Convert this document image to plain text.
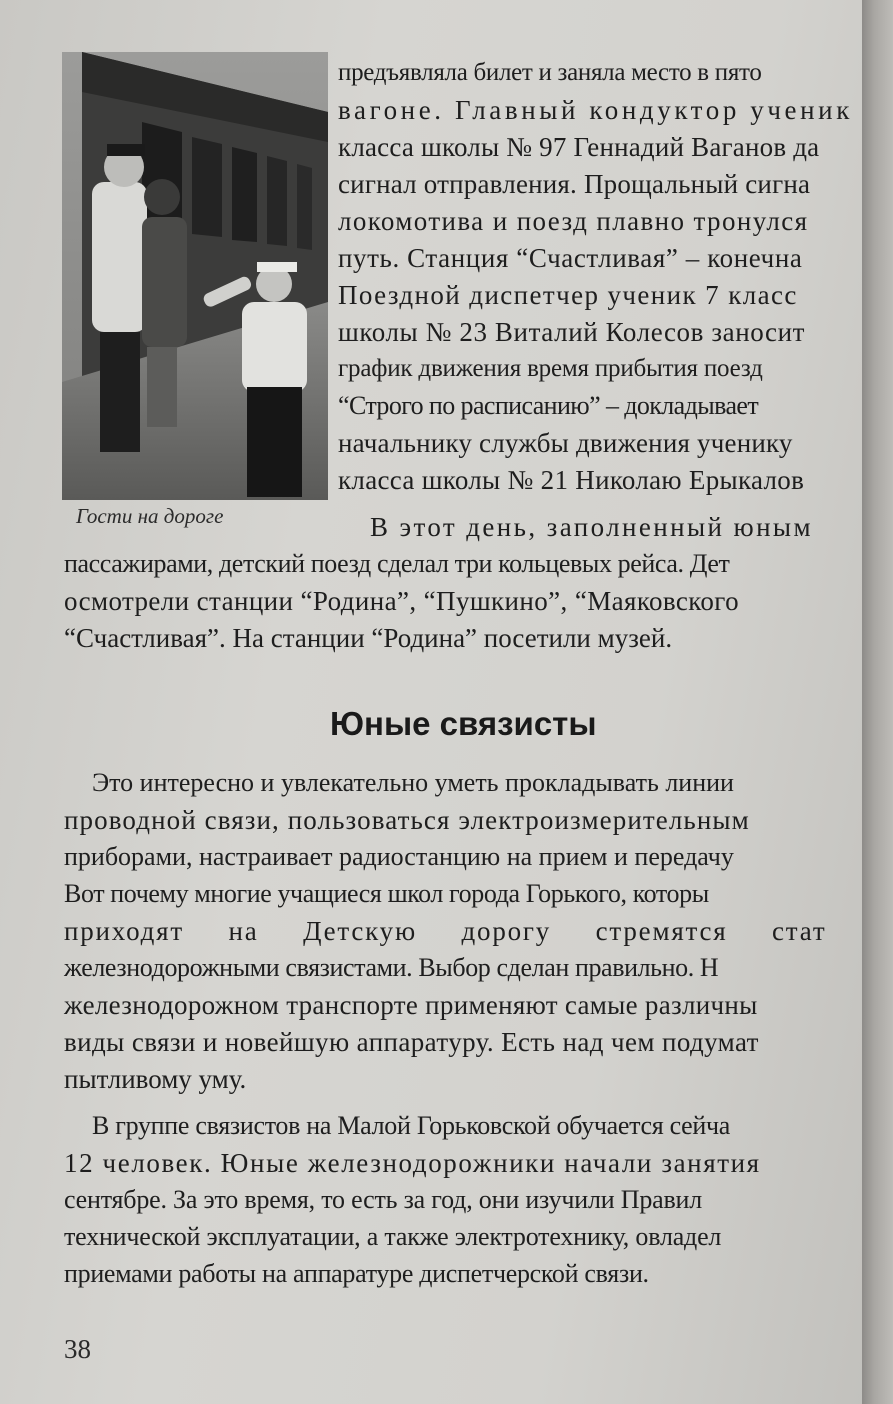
Гости на дороге
предъявляла билет и заняла место в пято
вагоне. Главный кондуктор ученик
класса школы № 97 Геннадий Ваганов да
сигнал отправления. Прощальный сигна
локомотива и поезд плавно тронулся
путь. Станция “Счастливая” – конечна
Поездной диспетчер ученик 7 класс
школы № 23 Виталий Колесов заносит
график движения время прибытия поезд
“Строго по расписанию” – докладывает
начальнику службы движения ученику
класса школы № 21 Николаю Ерыкалов
В этот день, заполненный юным
пассажирами, детский поезд сделал три кольцевых рейса. Дет
осмотрели станции “Родина”, “Пушкино”, “Маяковского
“Счастливая”. На станции “Родина” посетили музей.
Юные связисты
Это интересно и увлекательно уметь прокладывать линии
проводной связи, пользоваться электроизмерительным
приборами, настраивает радиостанцию на прием и передачу
Вот почему многие учащиеся школ города Горького, которы
приходят на Детскую дорогу стремятся стат
железнодорожными связистами. Выбор сделан правильно. Н
железнодорожном транспорте применяют самые различны
виды связи и новейшую аппаратуру. Есть над чем подумат
пытливому уму.
В группе связистов на Малой Горьковской обучается сейча
12 человек. Юные железнодорожники начали занятия
сентябре. За это время, то есть за год, они изучили Правил
технической эксплуатации, а также электротехнику, овладел
приемами работы на аппаратуре диспетчерской связи.
38
